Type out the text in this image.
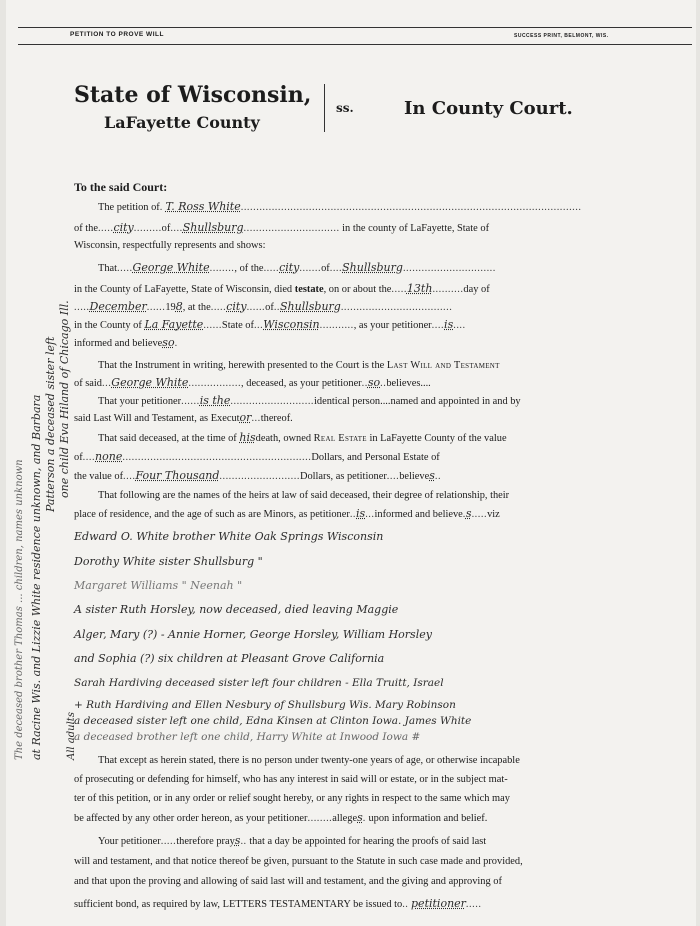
PETITION TO PROVE WILL	SUCCESS PRINT, BELMONT, WIS.
State of Wisconsin,
LaFayette County
ss.	In County Court.
To the said Court:
The petition of. T. Ross White..............................................................................................................
of the.....city.........of....Shullsburg............................... in the county of LaFayette, State of
Wisconsin, respectfully represents and shows:
That.....George White........, of the.....city.......of....Shullsburg..............................
in the County of LaFayette, State of Wisconsin, died testate, on or about the.....13th..........day of
.....December......198, at the.....city......of..Shullsburg....................................
in the County of La Fayette......State of...Wisconsin..........., as your petitioner....is....
informed and believeso.
That the Instrument in writing, herewith presented to the Court is the Last Will and Testament
of said...George White................., deceased, as your petitioner..so..believes....
That your petitioner......is the...........................identical person....named and appointed in and by
said Last Will and Testament, as Executor...thereof.
That said deceased, at the time of hisdeath, owned Real Estate in LaFayette County of the value
of....none.............................................................Dollars, and Personal Estate of
the value of....Four Thousand..........................Dollars, as petitioner....believes..
That following are the names of the heirs at law of said deceased, their degree of relationship, their
place of residence, and the age of such as are Minors, as petitioner..is...informed and believe.s.....viz
Edward O. White brother White Oak Springs Wisconsin
Dorothy White sister Shullsburg "
Margaret Williams " Neenah "
A sister Ruth Horsley, now deceased, died leaving Maggie
Alger, Mary (?) - Annie Horner, George Horsley, William Horsley
and Sophia (?) six children at Pleasant Grove California
Sarah Hardiving deceased sister left four children - Ella Truitt, Israel
+ Ruth Hardiving and Ellen Nesbury of Shullsburg Wis. Mary Robinson
a deceased sister left one child, Edna Kinsen at Clinton Iowa. James White
a deceased brother left one child, Harry White at Inwood Iowa #
That except as herein stated, there is no person under twenty-one years of age, or otherwise incapable
of prosecuting or defending for himself, who has any interest in said will or estate, or in the subject mat-
ter of this petition, or in any order or relief sought hereby, or any rights in respect to the same which may
be affected by any other order hereon, as your petitioner........alleges. upon information and belief.
Your petitioner.....therefore prays.. that a day be appointed for hearing the proofs of said last
will and testament, and that notice thereof be given, pursuant to the Statute in such case made and provided,
and that upon the proving and allowing of said last will and testament, and the giving and approving of
sufficient bond, as required by law, LETTERS TESTAMENTARY be issued to.. petitioner.....
one child Eva Hiland of Chicago Ill.
Patterson a deceased sister left
All adults
at Racine Wis. and Lizzie White residence unknown, and Barbara
The deceased brother Thomas ... children, names unknown
